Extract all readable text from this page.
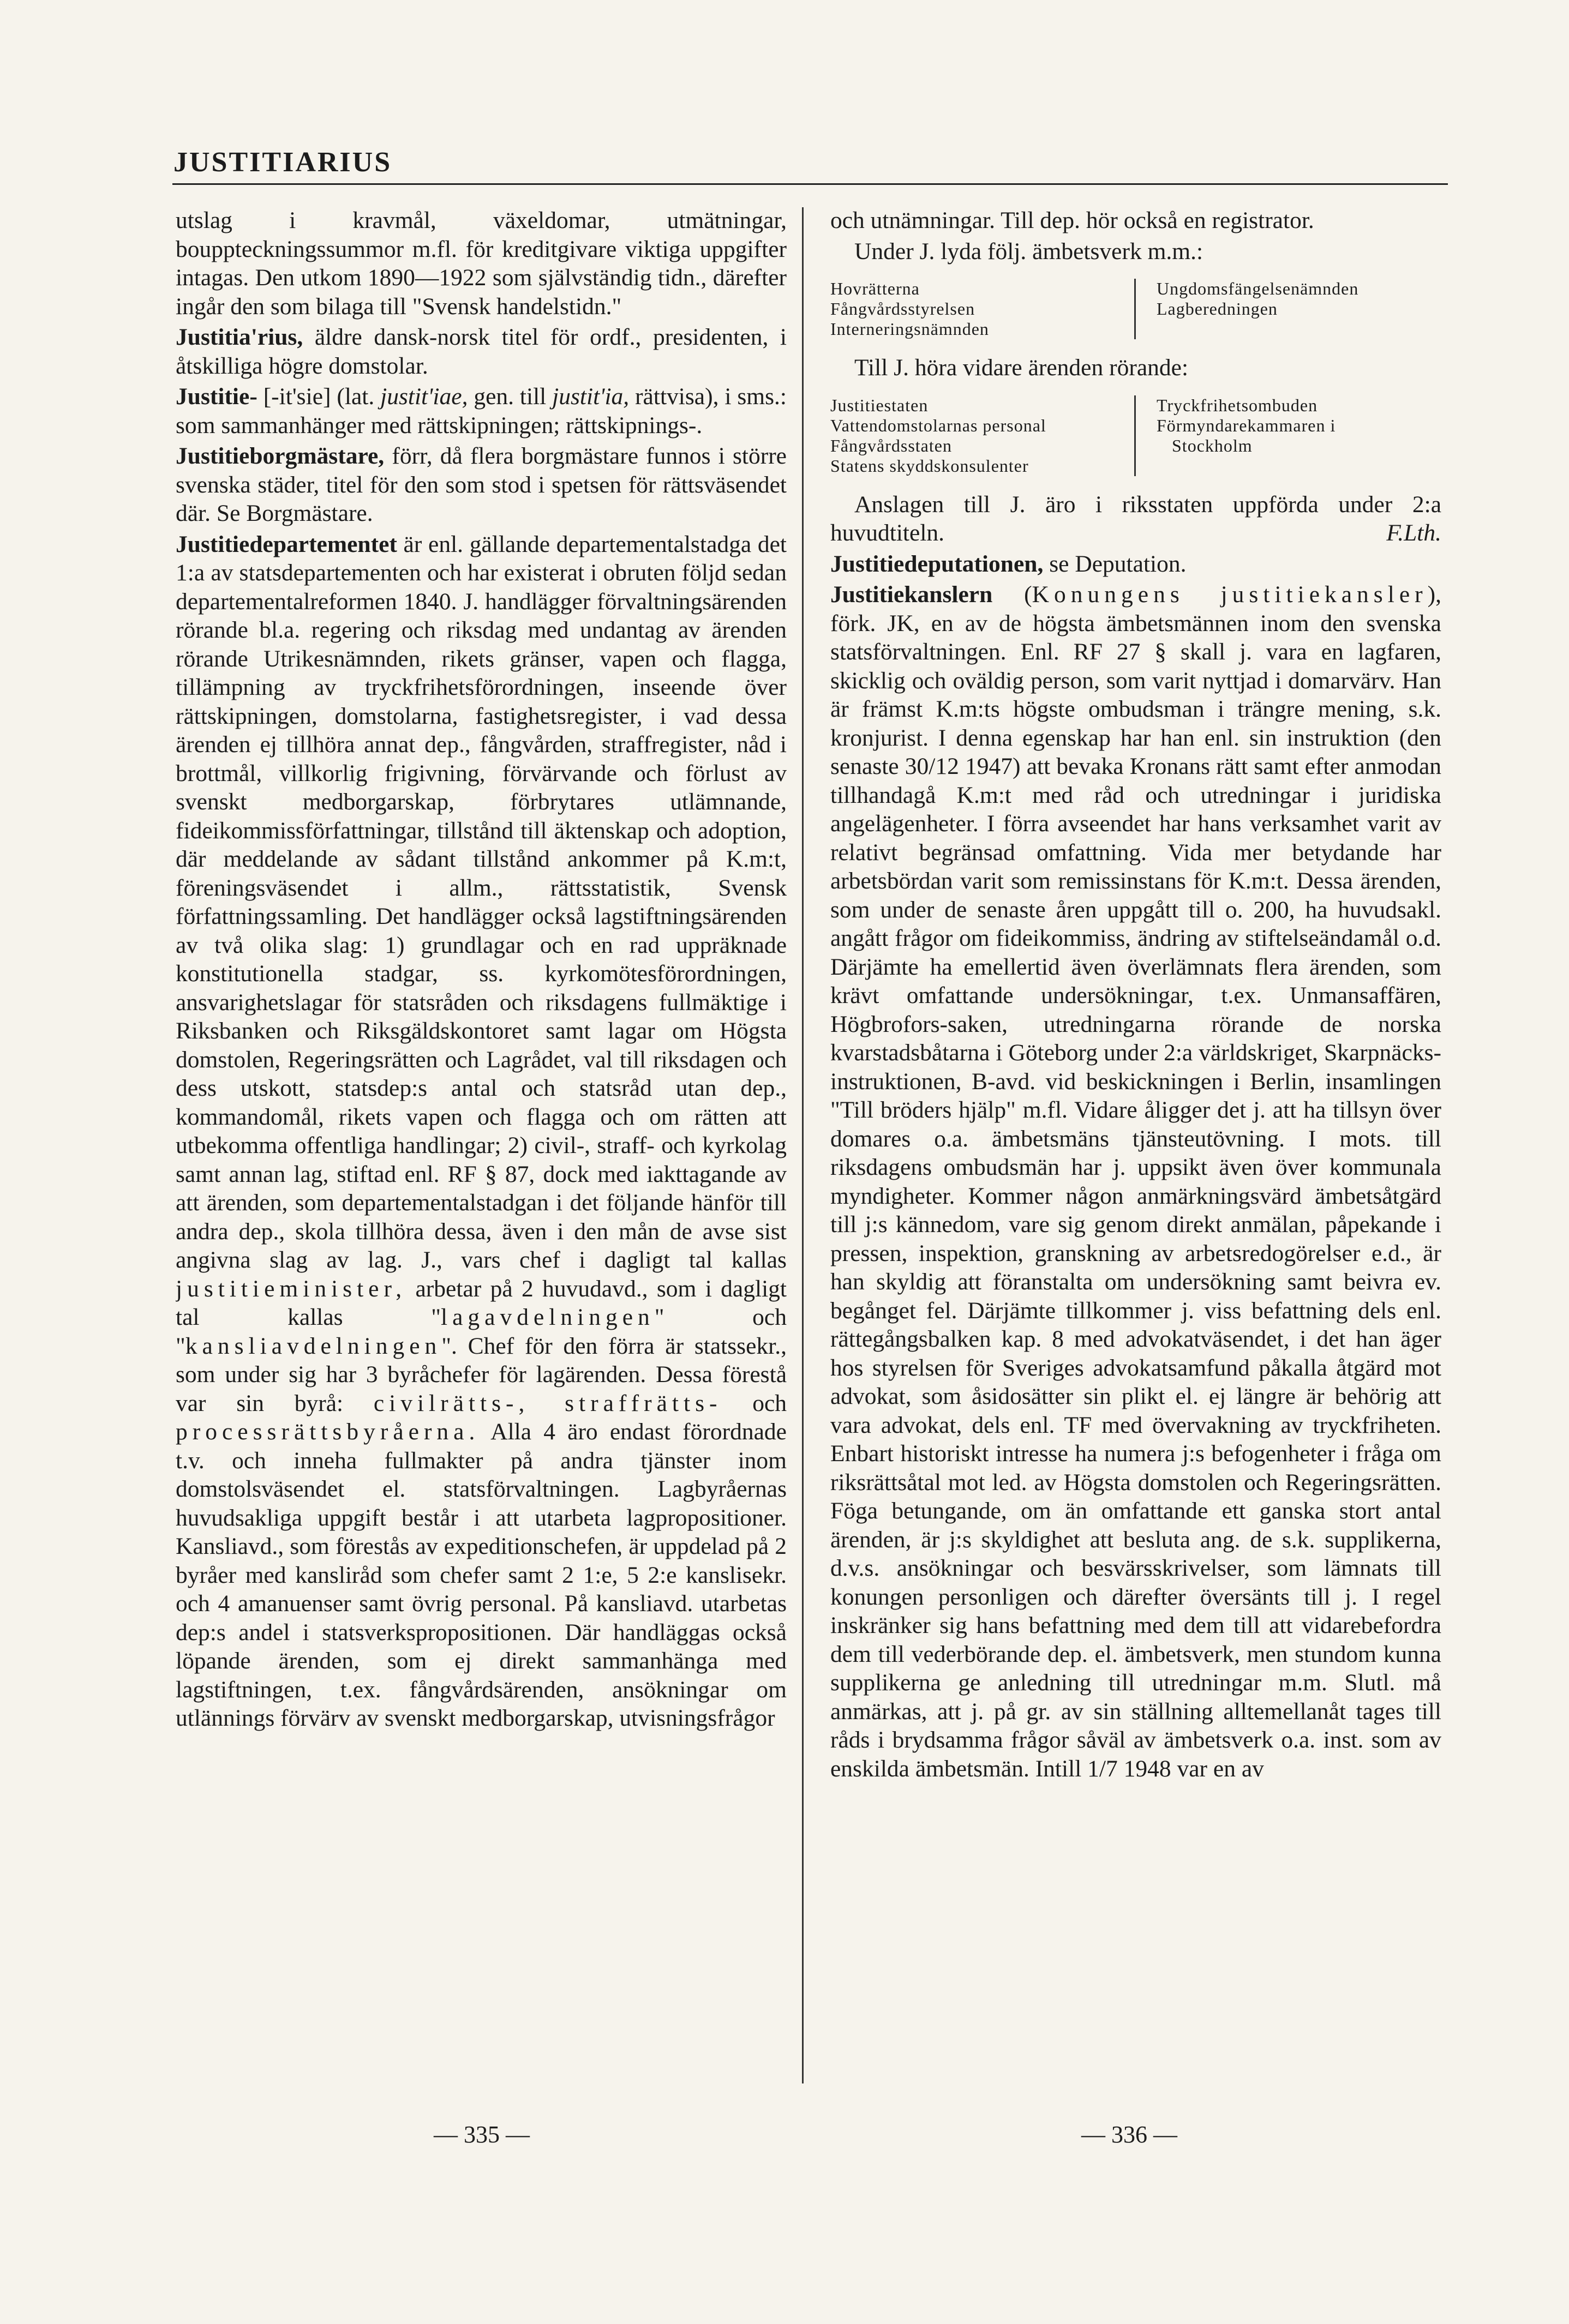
JUSTITIARIUS

utslag i kravmål, växeldomar, utmätningar, bouppteckningssummor m.fl. för kreditgivare viktiga uppgifter intagas. Den utkom 1890—1922 som självständig tidn., därefter ingår den som bilaga till "Svensk handelstidn."

Justitia'rius, äldre dansk-norsk titel för ordf., presidenten, i åtskilliga högre domstolar.

Justitie- [-it'sie] (lat. justit'iae, gen. till justit'ia, rättvisa), i sms.: som sammanhänger med rättskipningen; rättskipnings-.

Justitieborgmästare, förr, då flera borgmästare funnos i större svenska städer, titel för den som stod i spetsen för rättsväsendet där. Se Borgmästare.

Justitiedepartementet är enl. gällande departementalstadga det 1:a av statsdepartementen och har existerat i obruten följd sedan departementalreformen 1840. J. handlägger förvaltningsärenden rörande bl.a. regering och riksdag med undantag av ärenden rörande Utrikesnämnden, rikets gränser, vapen och flagga, tillämpning av tryckfrihetsförordningen, inseende över rättskipningen, domstolarna, fastighetsregister, i vad dessa ärenden ej tillhöra annat dep., fångvården, straffregister, nåd i brottmål, villkorlig frigivning, förvärvande och förlust av svenskt medborgarskap, förbrytares utlämnande, fideikommissförfattningar, tillstånd till äktenskap och adoption, där meddelande av sådant tillstånd ankommer på K.m:t, föreningsväsendet i allm., rättsstatistik, Svensk författningssamling. Det handlägger också lagstiftningsärenden av två olika slag: 1) grundlagar och en rad uppräknade konstitutionella stadgar, ss. kyrkomötesförordningen, ansvarighetslagar för statsråden och riksdagens fullmäktige i Riksbanken och Riksgäldskontoret samt lagar om Högsta domstolen, Regeringsrätten och Lagrådet, val till riksdagen och dess utskott, statsdep:s antal och statsråd utan dep., kommandomål, rikets vapen och flagga och om rätten att utbekomma offentliga handlingar; 2) civil-, straff- och kyrkolag samt annan lag, stiftad enl. RF § 87, dock med iakttagande av att ärenden, som departementalstadgan i det följande hänför till andra dep., skola tillhöra dessa, även i den mån de avse sist angivna slag av lag. J., vars chef i dagligt tal kallas justitieminister, arbetar på 2 huvudavd., som i dagligt tal kallas "lagavdelningen" och "kansliavdelningen". Chef för den förra är statssekr., som under sig har 3 byråchefer för lagärenden. Dessa förestå var sin byrå: civilrätts-, straffrätts- och processrättsbyråerna. Alla 4 äro endast förordnade t.v. och inneha fullmakter på andra tjänster inom domstolsväsendet el. statsförvaltningen. Lagbyråernas huvudsakliga uppgift består i att utarbeta lagpropositioner. Kansliavd., som förestås av expeditionschefen, är uppdelad på 2 byråer med kansliråd som chefer samt 2 1:e, 5 2:e kanslisekr. och 4 amanuenser samt övrig personal. På kansliavd. utarbetas dep:s andel i statsverkspropositionen. Där handläggas också löpande ärenden, som ej direkt sammanhänga med lagstiftningen, t.ex. fångvårdsärenden, ansökningar om utlännings förvärv av svenskt medborgarskap, utvisningsfrågor

och utnämningar. Till dep. hör också en registrator.

Under J. lyda följ. ämbetsverk m.m.:

Hovrätterna
Fångvårdsstyrelsen
Interneringsnämnden
Ungdomsfängelsenämnden
Lagberedningen

Till J. höra vidare ärenden rörande:

Justitiestaten
Vattendomstolarnas personal
Fångvårdsstaten
Statens skyddskonsulenter
Tryckfrihetsombuden
Förmyndarekammaren i
Stockholm

Anslagen till J. äro i riksstaten uppförda under 2:a huvudtiteln.	F.Lth.

Justitiedeputationen, se Deputation.

Justitiekanslern (Konungens justitiekansler), förk. JK, en av de högsta ämbetsmännen inom den svenska statsförvaltningen. Enl. RF 27 § skall j. vara en lagfaren, skicklig och oväldig person, som varit nyttjad i domarvärv. Han är främst K.m:ts högste ombudsman i trängre mening, s.k. kronjurist. I denna egenskap har han enl. sin instruktion (den senaste 30/12 1947) att bevaka Kronans rätt samt efter anmodan tillhandagå K.m:t med råd och utredningar i juridiska angelägenheter. I förra avseendet har hans verksamhet varit av relativt begränsad omfattning. Vida mer betydande har arbetsbördan varit som remissinstans för K.m:t. Dessa ärenden, som under de senaste åren uppgått till o. 200, ha huvudsakl. angått frågor om fideikommiss, ändring av stiftelseändamål o.d. Därjämte ha emellertid även överlämnats flera ärenden, som krävt omfattande undersökningar, t.ex. Unmansaffären, Högbrofors-saken, utredningarna rörande de norska kvarstadsbåtarna i Göteborg under 2:a världskriget, Skarpnäcks-instruktionen, B-avd. vid beskickningen i Berlin, insamlingen "Till bröders hjälp" m.fl. Vidare åligger det j. att ha tillsyn över domares o.a. ämbetsmäns tjänsteutövning. I mots. till riksdagens ombudsmän har j. uppsikt även över kommunala myndigheter. Kommer någon anmärkningsvärd ämbetsåtgärd till j:s kännedom, vare sig genom direkt anmälan, påpekande i pressen, inspektion, granskning av arbetsredogörelser e.d., är han skyldig att föranstalta om undersökning samt beivra ev. begånget fel. Därjämte tillkommer j. viss befattning dels enl. rättegångsbalken kap. 8 med advokatväsendet, i det han äger hos styrelsen för Sveriges advokatsamfund påkalla åtgärd mot advokat, som åsidosätter sin plikt el. ej längre är behörig att vara advokat, dels enl. TF med övervakning av tryckfriheten. Enbart historiskt intresse ha numera j:s befogenheter i fråga om riksrättsåtal mot led. av Högsta domstolen och Regeringsrätten. Föga betungande, om än omfattande ett ganska stort antal ärenden, är j:s skyldighet att besluta ang. de s.k. supplikerna, d.v.s. ansökningar och besvärsskrivelser, som lämnats till konungen personligen och därefter översänts till j. I regel inskränker sig hans befattning med dem till att vidarebefordra dem till vederbörande dep. el. ämbetsverk, men stundom kunna supplikerna ge anledning till utredningar m.m. Slutl. må anmärkas, att j. på gr. av sin ställning alltemellanåt tages till råds i brydsamma frågor såväl av ämbetsverk o.a. inst. som av enskilda ämbetsmän. Intill 1/7 1948 var en av

— 335 —	— 336 —
